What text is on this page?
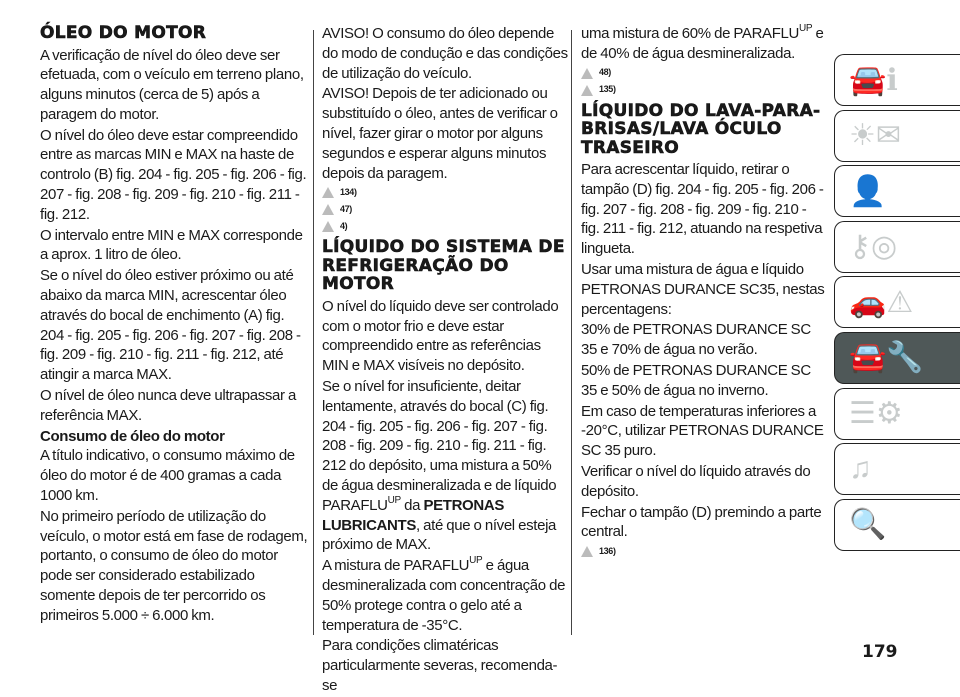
ÓLEO DO MOTOR

A verificação de nível do óleo deve ser efetuada, com o veículo em terreno plano, alguns minutos (cerca de 5) após a paragem do motor.

O nível do óleo deve estar compreendido entre as marcas MIN e MAX na haste de controlo (B) fig. 204 - fig. 205 - fig. 206 - fig. 207 - fig. 208 - fig. 209 - fig. 210 - fig. 211 - fig. 212.

O intervalo entre MIN e MAX corresponde a aprox. 1 litro de óleo.

Se o nível do óleo estiver próximo ou até abaixo da marca MIN, acrescentar óleo através do bocal de enchimento (A) fig. 204 - fig. 205 - fig. 206 - fig. 207 - fig. 208 - fig. 209 - fig. 210 - fig. 211 - fig. 212, até atingir a marca MAX.

O nível de óleo nunca deve ultrapassar a referência MAX.

Consumo de óleo do motor

A título indicativo, o consumo máximo de óleo do motor é de 400 gramas a cada 1000 km.

No primeiro período de utilização do veículo, o motor está em fase de rodagem, portanto, o consumo de óleo do motor pode ser considerado estabilizado somente depois de ter percorrido os primeiros 5.000 ÷ 6.000 km.

AVISO! O consumo do óleo depende do modo de condução e das condições de utilização do veículo.

AVISO! Depois de ter adicionado ou substituído o óleo, antes de verificar o nível, fazer girar o motor por alguns segundos e esperar alguns minutos depois da paragem.

134)
47)
4)
LÍQUIDO DO SISTEMA DE REFRIGERAÇÃO DO MOTOR

O nível do líquido deve ser controlado com o motor frio e deve estar compreendido entre as referências MIN e MAX visíveis no depósito.

Se o nível for insuficiente, deitar lentamente, através do bocal (C) fig. 204 - fig. 205 - fig. 206 - fig. 207 - fig. 208 - fig. 209 - fig. 210 - fig. 211 - fig. 212 do depósito, uma mistura a 50% de água desmineralizada e de líquido $PARAFLU^{UP}$ da PETRONAS LUBRICANTS, até que o nível esteja próximo de MAX.

A mistura de $PARAFLU^{UP}$ e água desmineralizada com concentração de 50% protege contra o gelo até a temperatura de -35°C.

Para condições climatéricas particularmente severas, recomenda-se

uma mistura de 60% de $PARAFLU^{UP}$ e de 40% de água desmineralizada.

48)
135)
LÍQUIDO DO LAVA-PARA-BRISAS/LAVA ÓCULO TRASEIRO

Para acrescentar líquido, retirar o tampão (D) fig. 204 - fig. 205 - fig. 206 - fig. 207 - fig. 208 - fig. 209 - fig. 210 - fig. 211 - fig. 212, atuando na respetiva lingueta.

Usar uma mistura de água e líquido PETRONAS DURANCE SC35, nestas percentagens:

30% de PETRONAS DURANCE SC 35 e 70% de água no verão.

50% de PETRONAS DURANCE SC 35 e 50% de água no inverno.

Em caso de temperaturas inferiores a -20°C, utilizar PETRONAS DURANCE SC 35 puro.

Verificar o nível do líquido através do depósito.

Fechar o tampão (D) premindo a parte central.

136)
🚘ℹ
☀✉
👤
⚷◎
🚗⚠
🚘🔧
☰⚙
♫
🔍
179
